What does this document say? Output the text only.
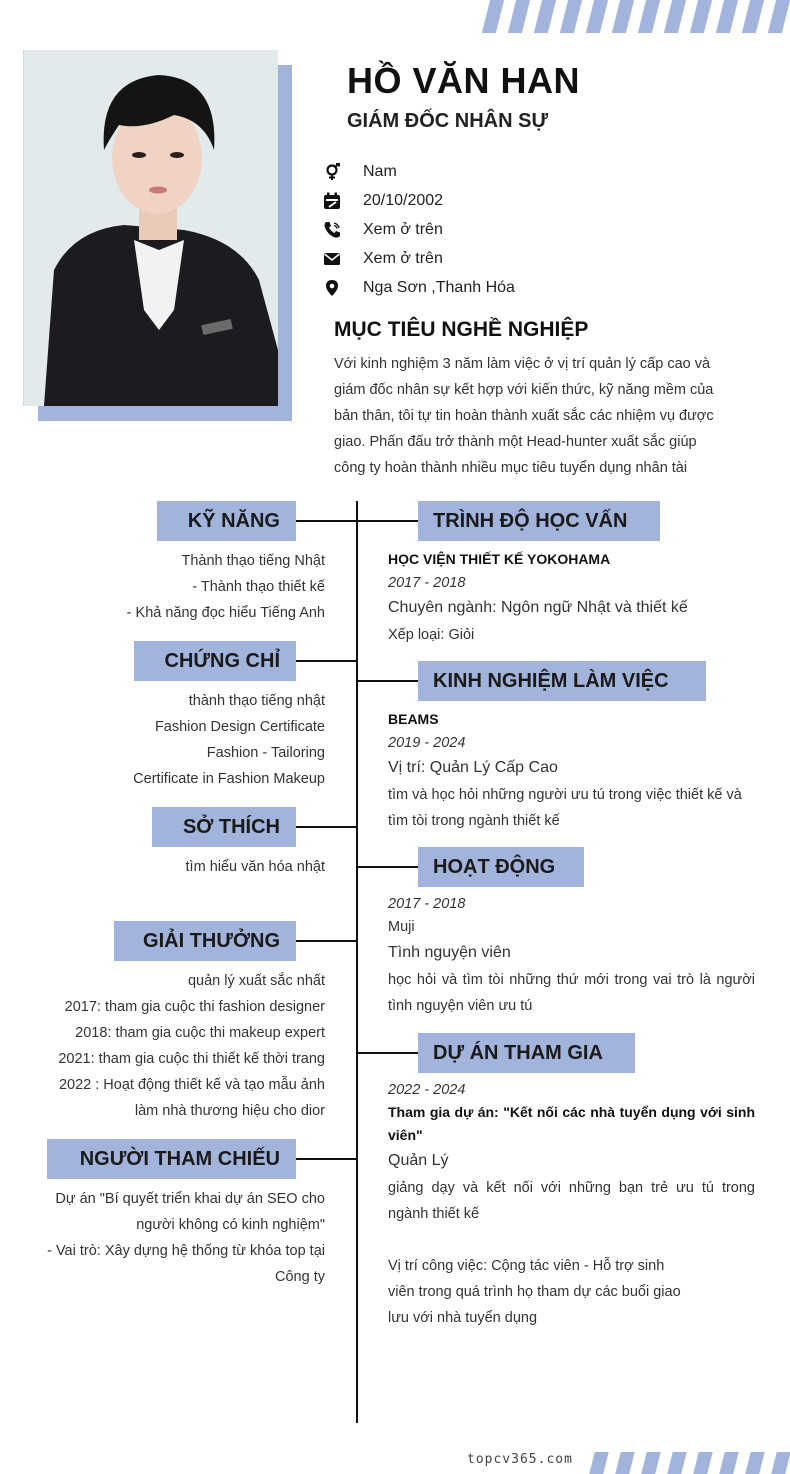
HỒ VĂN HAN
GIÁM ĐỐC NHÂN SỰ
Nam
20/10/2002
Xem ở trên
Xem ở trên
Nga Sơn ,Thanh Hóa
MỤC TIÊU NGHỀ NGHIỆP
Với kinh nghiệm 3 năm làm việc ở vị trí quản lý cấp cao và
giám đốc nhân sự kết hợp với kiến thức, kỹ năng mềm của
bản thân, tôi tự tin hoàn thành xuất sắc các nhiệm vụ được
giao. Phấn đấu trở thành một Head-hunter xuất sắc giúp
công ty hoàn thành nhiều mục tiêu tuyển dụng nhân tài
KỸ NĂNG
Thành thạo tiếng Nhật
- Thành thạo thiết kế
- Khả năng đọc hiểu Tiếng Anh
CHỨNG CHỈ
thành thạo tiếng nhật
Fashion Design Certificate
Fashion - Tailoring
Certificate in Fashion Makeup
SỞ THÍCH
tìm hiểu văn hóa nhật
GIẢI THƯỞNG
quản lý xuất sắc nhất
2017: tham gia cuộc thi fashion designer
2018: tham gia cuộc thi makeup expert
2021: tham gia cuộc thi thiết kế thời trang
2022 : Hoạt động thiết kế và tạo mẫu ảnh
làm nhà thương hiệu cho dior
NGƯỜI THAM CHIẾU
Dự án "Bí quyết triển khai dự án SEO cho
người không có kinh nghiệm"
- Vai trò: Xây dựng hệ thống từ khóa top tại
Công ty
TRÌNH ĐỘ HỌC VẤN
HỌC VIỆN THIẾT KẾ YOKOHAMA
2017 - 2018
Chuyên ngành: Ngôn ngữ Nhật và thiết kế
Xếp loại: Giỏi
KINH NGHIỆM LÀM VIỆC
BEAMS
2019 - 2024
Vị trí: Quản Lý Cấp Cao
tìm và học hỏi những người ưu tú trong việc thiết kế và tìm tòi trong ngành thiết kế
HOẠT ĐỘNG
2017 - 2018
Muji
Tình nguyện viên
học hỏi và tìm tòi những thứ mới trong vai trò là người tình nguyện viên ưu tú
DỰ ÁN THAM GIA
2022 - 2024
Tham gia dự án: "Kết nối các nhà tuyển dụng với sinh viên"
Quản Lý
giảng dạy và kết nối với những bạn trẻ ưu tú trong ngành thiết kế
Vị trí công việc: Cộng tác viên - Hỗ trợ sinh
viên trong quá trình họ tham dự các buổi giao
lưu với nhà tuyển dụng
topcv365.com
